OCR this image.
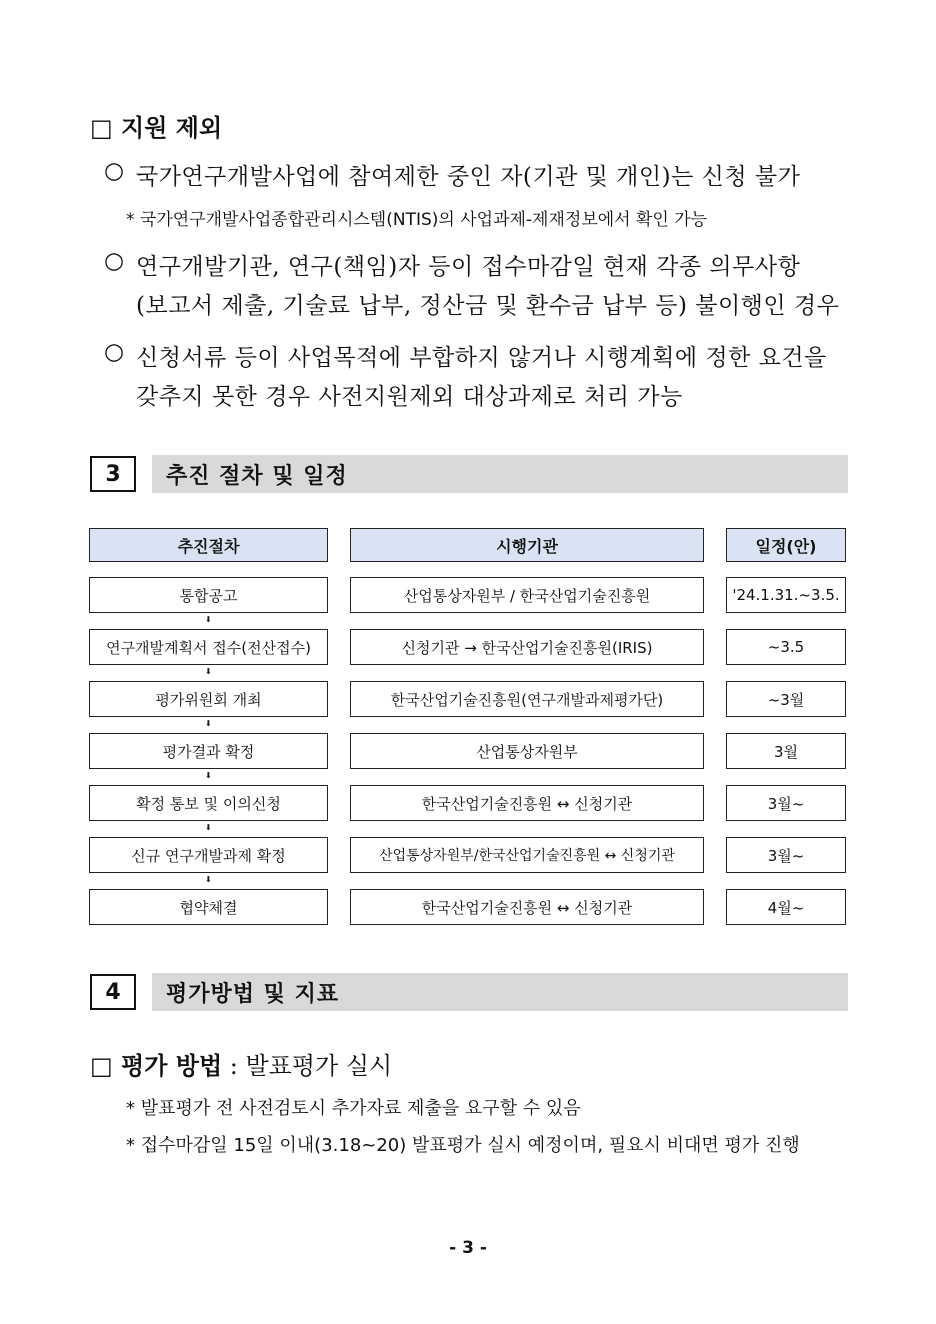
□ 지원 제외
○ 국가연구개발사업에 참여제한 중인 자(기관 및 개인)는 신청 불가
* 국가연구개발사업종합관리시스템(NTIS)의 사업과제-제재정보에서 확인 가능
○ 연구개발기관, 연구(책임)자 등이 접수마감일 현재 각종 의무사항
(보고서 제출, 기술료 납부, 정산금 및 환수금 납부 등) 불이행인 경우
○ 신청서류 등이 사업목적에 부합하지 않거나 시행계획에 정한 요건을
갖추지 못한 경우 사전지원제외 대상과제로 처리 가능
3	추진 절차 및 일정
추진절차	시행기관	일정(안)
통합공고	산업통상자원부 / 한국산업기술진흥원	'24.1.31.~3.5.
⬇
연구개발계획서 접수(전산접수)	신청기관 → 한국산업기술진흥원(IRIS)	~3.5
⬇
평가위원회 개최	한국산업기술진흥원(연구개발과제평가단)	~3월
⬇
평가결과 확정	산업통상자원부	3월
⬇
확정 통보 및 이의신청	한국산업기술진흥원 ↔ 신청기관	3월~
⬇
신규 연구개발과제 확정	산업통상자원부/한국산업기술진흥원 ↔ 신청기관	3월~
⬇
협약체결	한국산업기술진흥원 ↔ 신청기관	4월~
4	평가방법 및 지표
□ 평가 방법 : 발표평가 실시
* 발표평가 전 사전검토시 추가자료 제출을 요구할 수 있음
* 접수마감일 15일 이내(3.18~20) 발표평가 실시 예정이며, 필요시 비대면 평가 진행
- 3 -
